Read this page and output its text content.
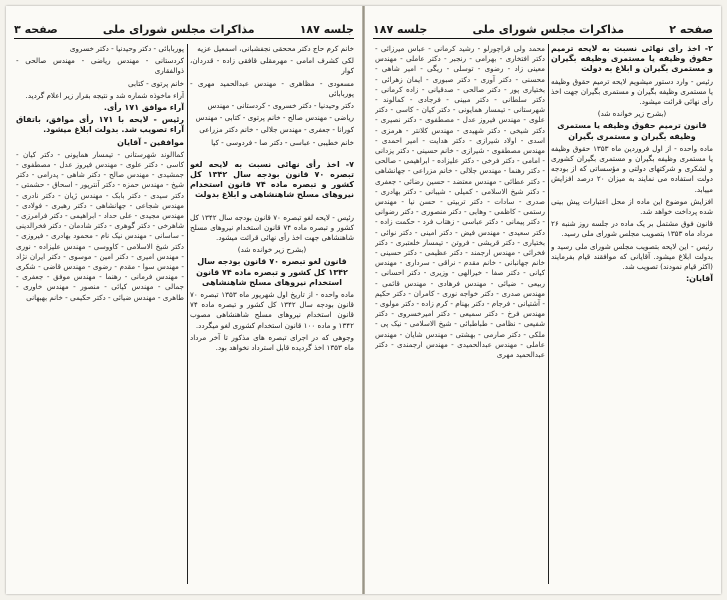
جلسه ۱۸۷
مذاکرات مجلس شورای ملی
صفحه ۳

خانم کرم حاج دکتر مححقی نجفشبانی، اسمعیل عزیه

لکی کشرف امامی - مهرمقلی قافقی زاده - قدردان، کوار

مسعودی - مظاهری - مهندس عبدالحمید مهری - پوربابائی

دکتر وحیدنیا - دکتر خسروی - کردستانی - مهندس

ریاضی - مهندس صالح - خانم پرتوی - کتابی - مهندس

کورانا - جعفری - مهندس جلالی - خانم دکتر مزراعی

خانم خطیبی - عباسی - دکتر صا - فردوسی - کیا

۷- اخذ رأی نهائی نسبت به لایحه لغو تبصره ۷۰ قانون بودجه سال ۱۳۴۲ کل کشور و تبصره ماده ۷۴ قانون استخدام نیروهای مسلح شاهنشاهی و ابلاغ بدولت

رئیس - لایحه لغو تبصره ۷۰ قانون بودجه سال ۱۳۴۲ کل کشور و تبصره ماده ۷۴ قانون استخدام نیروهای مسلح شاهنشاهی جهت اخذ رأی نهائی قرائت میشود.

(بشرح زیر خوانده شد)

قانون لغو تبصره ۷۰ قانون بودجه سال ۱۳۴۲ کل کشور و تبصره ماده ۷۴ قانون استخدام نیروهای مسلح شاهنشاهی

ماده واحده - از تاریخ اول شهریور ماه ۱۳۵۳ تبصره ۷۰ قانون بودجه سال ۱۳۴۲ کل کشور و تبصره ماده ۷۴ قانون استخدام نیروهای مسلح شاهنشاهی مصوب ۱۳۴۲ و ماده ۱۰۰ قانون استخدام کشوری لغو میگردد.

وجوهی که در اجرای تبصره های مذکور تا آخر مرداد ماه ۱۳۵۳ اخذ گردیده قابل استرداد نخواهد بود.

پوربابائی - دکتر وحیدنیا - دکتر خسروی

کردستانی - مهندس ریاضی - مهندس صالحی - ذوالفقاری

خانم پرتوی - کتابی

آراء ماخوذه شماره شد و نتیجه بقرار زیر اعلام گردید.

آراء موافق ۱۷۱ رأی.

رئیس - لایحه با ۱۷۱ رأی موافق، باتفاق آراء تصویب شد. بدولت ابلاغ میشود.

موافقین - آقایان

کماالوند شهرستانی - تیمسار همایونی - دکتر کیان - کاسی - دکتر علوی - مهندس فیروز عدل - مصطفوی - جمشیدی - مهندس صالح - دکتر شاهی - پدرامی - دکتر شیخ - مهندس حمزه - دکتر آنترپور - اسحاق - حشمتی - دکتر سیدی - دکتر بابک - مهندس ژیان - دکتر نادری - مهندس شجاعی - جهانشاهی - دکتر رهبری - فولادی - مهندس مجیدی - علی حداد - ابراهیمی - دکتر فرامرزی - شاهرخی - دکتر گوهری - دکتر شادمان - دکتر فخرالدینی - ساسانی - مهندس نیک نام - محمود بهادری - فیروزی - دکتر شیخ الاسلامی - کاووسی - مهندس علیزاده - نوری - مهندس امیری - دکتر امین - موسوی - دکتر ایران نژاد - مهندس سوا - مقدم - رضوی - مهندس قاضی - شکری - مهندس فرمانی - رهنما - مهندس موفق - جعفری - جمالی - مهندس کیائی - منصور - مهندس خاوری - طاهری - مهندس ضیائی - دکتر حکیمی - خانم بهبهانی

صفحه ۲
مذاکرات مجلس شورای ملی
جلسه ۱۸۷

۲- اخذ رأی نهائی نسبت به لایحه ترمیم حقوق وظیفه یا مستمری وظیفه بگیران و مستمری بگیران و ابلاغ به دولت

رئیس - وارد دستور میشویم لایحه ترمیم حقوق وظیفه یا مستمری وظیفه بگیران و مستمری بگیران جهت اخذ رأی نهائی قرائت میشود.

(بشرح زیر خوانده شد)

قانون ترمیم حقوق وظیفه یا مستمری وظیفه بگیران و مستمری بگیران

ماده واحده - از اول فروردین ماه ۱۳۵۳ حقوق وظیفه یا مستمری وظیفه بگیران و مستمری بگیران کشوری و لشکری و شرکتهای دولتی و مؤسساتی که از بودجه دولت استفاده می نمایند به میزان ۲۰ درصد افزایش مییابد.

افزایش موضوع این ماده از محل اعتبارات پیش بینی شده پرداخت خواهد شد.

قانون فوق مشتمل بر یک ماده در جلسه روز شنبه ۲۶ مرداد ماه ۱۳۵۳ بتصویب مجلس شورای ملی رسید.

رئیس - این لایحه بتصویب مجلس شورای ملی رسید و بدولت ابلاغ میشود. آقایانی که موافقند قیام بفرمایند (اکثر قیام نمودند) تصویب شد.

آقایان:

محمد ولی قراچورلو - رشید کرمانی - عباس میرزائی - دکتر افتخاری - بهرامی - رنجبر - دکتر عاملی - مهندس معینی زاد - رضوی - توسلی - ریگی - امیر شاهی - محسنی - دکتر آوری - دکتر صبوری - ایمان زهرائی - بختیاری پور - دکتر صالحی - صدقیانی - زاده کرمانی - دکتر سلطانی - دکتر مبینی - فرجادی - کمالوند - شهرستانی - تیمسار همایونی - دکتر کیان - کاسی - دکتر علوی - مهندس فیروز عدل - مصطفوی - دکتر نصیری - دکتر شیخی - دکتر شهیدی - مهندس کلانتر - هرمزی - اسدی - اولاد شیرازی - دکتر هدایت - امیر احمدی - مهندس مصطفوی - شیرازی - خانم حسینی - دکتر یزدانی - امامی - دکتر فرخی - دکتر علیزاده - ابراهیمی - صالحی - دکتر رهنما - مهندس جلالی - خانم مزراعی - جهانشاهی - دکتر عطائی - مهندس معتضد - حسین رضائی - جعفری - دکتر شیخ الاسلامی - کمیلی - شیبانی - دکتر بهادری - صدری - سادات - دکتر تربیتی - حسن نیا - مهندس رستمی - کاظمی - وهابی - دکتر منصوری - دکتر رضوانی - دکتر پیمانی - دکتر عباسی - زهتاب فرد - حکمت زاده - دکتر سعیدی - مهندس فیض - دکتر امینی - دکتر نوائی - بختیاری - دکتر قریشی - فروتن - تیمسار خلعتبری - دکتر فخرائی - مهندس ارجمند - دکتر عظیمی - دکتر حسینی - خانم جهانبانی - خانم مقدم - نراقی - سرداری - مهندس کیانی - دکتر صفا - خیرالهی - وزیری - دکتر احسانی - ربیعی - ضیائی - مهندس فرهادی - مهندس قائمی - مهندس صدری - دکتر خواجه نوری - کامران - دکتر حکیم - آشتیانی - فرجام - دکتر بهنام - کرم زاده - دکتر مولوی - مهندس فرخ - دکتر سمیعی - دکتر امیرخسروی - دکتر شفیعی - نظامی - طباطبائی - شیخ الاسلامی - نیک پی - ملکی - دکتر صارمی - بهشتی - مهندس شایان - مهندس عاملی - مهندس عبدالحمیدی - مهندس ارجمندی - دکتر عبدالحمید مهری
